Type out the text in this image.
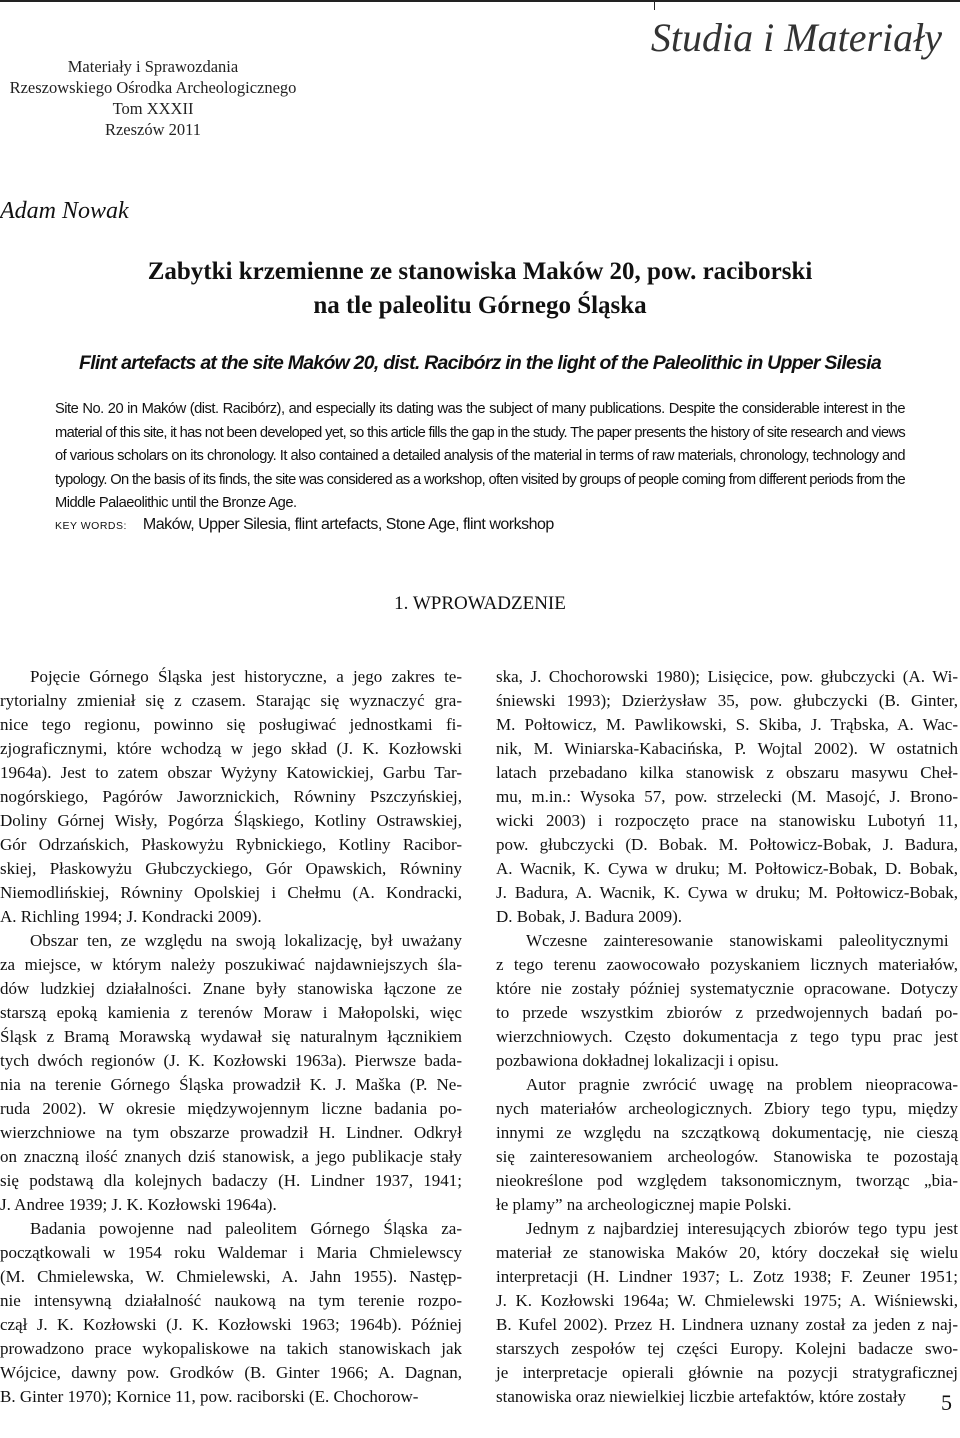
Studia i Materiały
Materiały i Sprawozdania
Rzeszowskiego Ośrodka Archeologicznego
Tom XXXII
Rzeszów 2011
Adam Nowak
Zabytki krzemienne ze stanowiska Maków 20, pow. raciborski
na tle paleolitu Górnego Śląska
Flint artefacts at the site Maków 20, dist. Racibórz in the light of the Paleolithic in Upper Silesia
Site No. 20 in Maków (dist. Racibórz), and especially its dating was the subject of many publications. Despite the considerable interest in the
material of this site, it has not been developed yet, so this article fills the gap in the study. The paper presents the history of site research and views
of various scholars on its chronology. It also contained a detailed analysis of the material in terms of raw materials, chronology, technology and
typology. On the basis of its finds, the site was considered as a workshop, often visited by groups of people coming from different periods from the
Middle Palaeolithic until the Bronze Age.
KEY WORDS: Maków, Upper Silesia, flint artefacts, Stone Age, flint workshop
1. WPROWADZENIE
Pojęcie Górnego Śląska jest historyczne, a jego zakres te-
rytorialny zmieniał się z czasem. Starając się wyznaczyć gra-
nice tego regionu, powinno się posługiwać jednostkami fi-
zjograficznymi, które wchodzą w jego skład (J. K. Kozłowski
1964a). Jest to zatem obszar Wyżyny Katowickiej, Garbu Tar-
nogórskiego, Pagórów Jaworznickich, Równiny Pszczyńskiej,
Doliny Górnej Wisły, Pogórza Śląskiego, Kotliny Ostrawskiej,
Gór Odrzańskich, Płaskowyżu Rybnickiego, Kotliny Racibor-
skiej, Płaskowyżu Głubczyckiego, Gór Opawskich, Równiny
Niemodlińskiej, Równiny Opolskiej i Chełmu (A. Kondracki,
A. Richling 1994; J. Kondracki 2009).
Obszar ten, ze względu na swoją lokalizację, był uważany
za miejsce, w którym należy poszukiwać najdawniejszych śla-
dów ludzkiej działalności. Znane były stanowiska łączone ze
starszą epoką kamienia z terenów Moraw i Małopolski, więc
Śląsk z Bramą Morawską wydawał się naturalnym łącznikiem
tych dwóch regionów (J. K. Kozłowski 1963a). Pierwsze bada-
nia na terenie Górnego Śląska prowadził K. J. Maška (P. Ne-
ruda 2002). W okresie międzywojennym liczne badania po-
wierzchniowe na tym obszarze prowadził H. Lindner. Odkrył
on znaczną ilość znanych dziś stanowisk, a jego publikacje stały
się podstawą dla kolejnych badaczy (H. Lindner 1937, 1941;
J. Andree 1939; J. K. Kozłowski 1964a).
Badania powojenne nad paleolitem Górnego Śląska za-
początkowali w 1954 roku Waldemar i Maria Chmielewscy
(M. Chmielewska, W. Chmielewski, A. Jahn 1955). Następ-
nie intensywną działalność naukową na tym terenie rozpo-
czął J. K. Kozłowski (J. K. Kozłowski 1963; 1964b). Później
prowadzono prace wykopaliskowe na takich stanowiskach jak
Wójcice, dawny pow. Grodków (B. Ginter 1966; A. Dagnan,
B. Ginter 1970); Kornice 11, pow. raciborski (E. Chochorow-
ska, J. Chochorowski 1980); Lisięcice, pow. głubczycki (A. Wi-
śniewski 1993); Dzierżysław 35, pow. głubczycki (B. Ginter,
M. Połtowicz, M. Pawlikowski, S. Skiba, J. Trąbska, A. Wac-
nik, M. Winiarska-Kabacińska, P. Wojtal 2002). W ostatnich
latach przebadano kilka stanowisk z obszaru masywu Cheł-
mu, m.in.: Wysoka 57, pow. strzelecki (M. Masojć, J. Brono-
wicki 2003) i rozpoczęto prace na stanowisku Lubotyń 11,
pow. głubczycki (D. Bobak. M. Połtowicz-Bobak, J. Badura,
A. Wacnik, K. Cywa w druku; M. Połtowicz-Bobak, D. Bobak,
J. Badura, A. Wacnik, K. Cywa w druku; M. Połtowicz-Bobak,
D. Bobak, J. Badura 2009).
Wczesne zainteresowanie stanowiskami paleolitycznymi
z tego terenu zaowocowało pozyskaniem licznych materiałów,
które nie zostały później systematycznie opracowane. Dotyczy
to przede wszystkim zbiorów z przedwojennych badań po-
wierzchniowych. Często dokumentacja z tego typu prac jest
pozbawiona dokładnej lokalizacji i opisu.
Autor pragnie zwrócić uwagę na problem nieopracowa-
nych materiałów archeologicznych. Zbiory tego typu, między
innymi ze względu na szczątkową dokumentację, nie cieszą
się zainteresowaniem archeologów. Stanowiska te pozostają
nieokreślone pod względem taksonomicznym, tworząc „bia-
łe plamy” na archeologicznej mapie Polski.
Jednym z najbardziej interesujących zbiorów tego typu jest
materiał ze stanowiska Maków 20, który doczekał się wielu
interpretacji (H. Lindner 1937; L. Zotz 1938; F. Zeuner 1951;
J. K. Kozłowski 1964a; W. Chmielewski 1975; A. Wiśniewski,
B. Kufel 2002). Przez H. Lindnera uznany został za jeden z naj-
starszych zespołów tej części Europy. Kolejni badacze swo-
je interpretacje opierali głównie na pozycji stratygraficznej
stanowiska oraz niewielkiej liczbie artefaktów, które zostały	5
